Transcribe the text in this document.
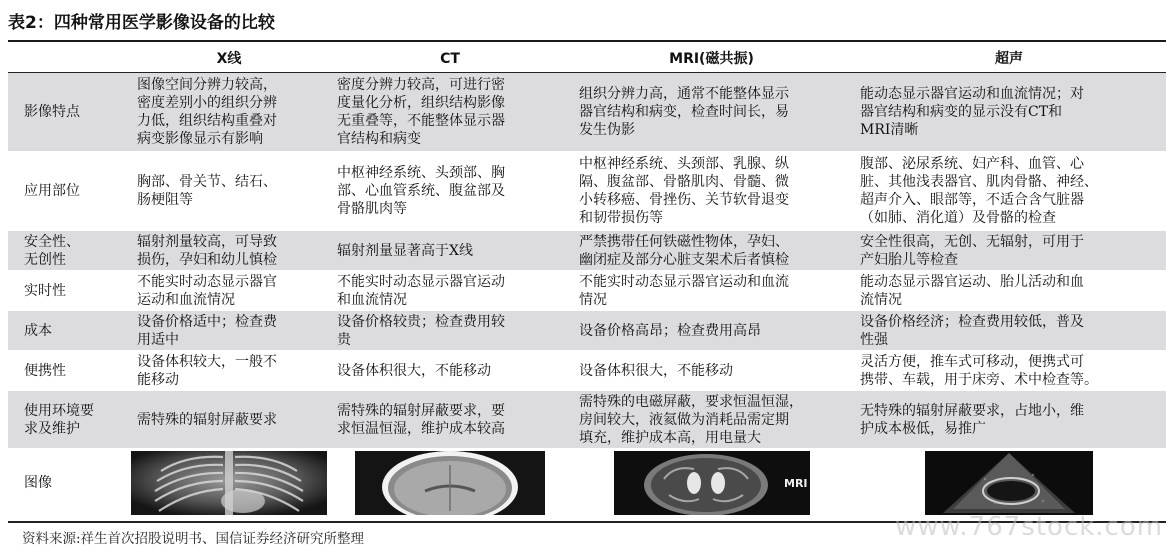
表2：四种常用医学影像设备的比较
	X线	CT	MRI(磁共振)	超声

影像特点	图像空间分辨力较高，
密度差别小的组织分辨
力低，组织结构重叠对
病变影像显示有影响	密度分辨力较高，可进行密
度量化分析，组织结构影像
无重叠等，不能整体显示器
官结构和病变	组织分辨力高，通常不能整体显示
器官结构和病变，检查时间长，易
发生伪影	能动态显示器官运动和血流情况；对
器官结构和病变的显示没有CT和
MRI清晰

应用部位	胸部、骨关节、结石、
肠梗阻等	中枢神经系统、头颈部、胸
部、心血管系统、腹盆部及
骨骼肌肉等	中枢神经系统、头颈部、乳腺、纵
隔、腹盆部、骨骼肌肉、骨髓、微
小转移癌、骨挫伤、关节软骨退变
和韧带损伤等	腹部、泌尿系统、妇产科、血管、心
脏、其他浅表器官、肌肉骨骼、神经、
超声介入、眼部等，不适合含气脏器
（如肺、消化道）及骨骼的检查

安全性、
无创性	辐射剂量较高，可导致
损伤，孕妇和幼儿慎检	辐射剂量显著高于X线	严禁携带任何铁磁性物体，孕妇、
幽闭症及部分心脏支架术后者慎检	安全性很高，无创、无辐射，可用于
产妇胎儿等检查

实时性	不能实时动态显示器官
运动和血流情况	不能实时动态显示器官运动
和血流情况	不能实时动态显示器官运动和血流
情况	能动态显示器官运动、胎儿活动和血
流情况

成本	设备价格适中；检查费
用适中	设备价格较贵；检查费用较
贵	设备价格高昂；检查费用高昂	设备价格经济；检查费用较低，普及
性强

便携性	设备体积较大，一般不
能移动	设备体积很大，不能移动	设备体积很大，不能移动	灵活方便，推车式可移动，便携式可
携带、车载，用于床旁、术中检查等。

使用环境要
求及维护	需特殊的辐射屏蔽要求	需特殊的辐射屏蔽要求，要
求恒温恒湿，维护成本较高	需特殊的电磁屏蔽，要求恒温恒湿，
房间较大，液氦做为消耗品需定期
填充，维护成本高，用电量大	无特殊的辐射屏蔽要求，占地小，维
护成本极低，易推广

图像			MRI

资料来源:祥生首次招股说明书、国信证券经济研究所整理	www.767stock.com
